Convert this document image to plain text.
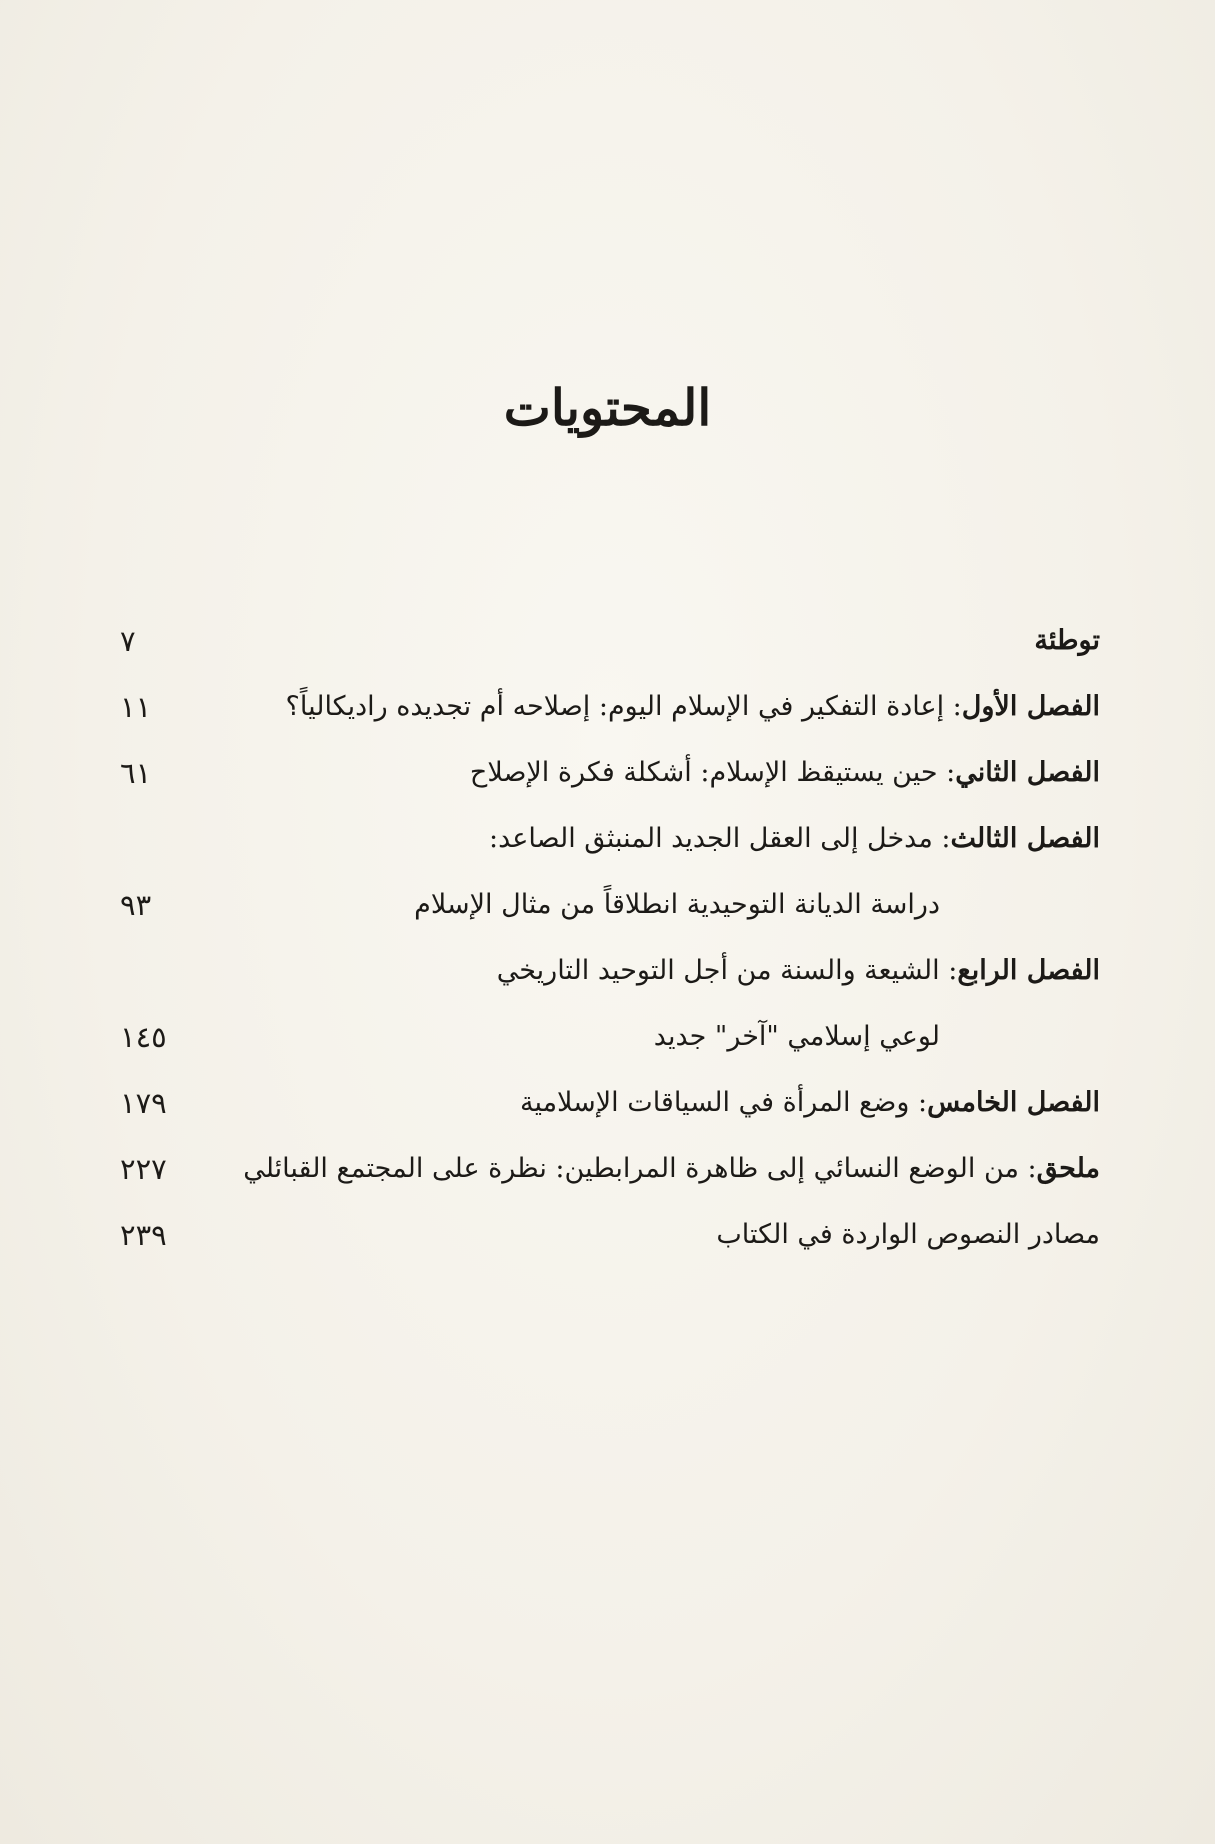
المحتويات
توطئة
٧
الفصل الأول: إعادة التفكير في الإسلام اليوم: إصلاحه أم تجديده راديكالياً؟
١١
الفصل الثاني: حين يستيقظ الإسلام: أشكلة فكرة الإصلاح
٦١
الفصل الثالث: مدخل إلى العقل الجديد المنبثق الصاعد:
دراسة الديانة التوحيدية انطلاقاً من مثال الإسلام
٩٣
الفصل الرابع: الشيعة والسنة من أجل التوحيد التاريخي
لوعي إسلامي "آخر" جديد
١٤٥
الفصل الخامس: وضع المرأة في السياقات الإسلامية
١٧٩
ملحق: من الوضع النسائي إلى ظاهرة المرابطين: نظرة على المجتمع القبائلي
٢٢٧
مصادر النصوص الواردة في الكتاب
٢٣٩
